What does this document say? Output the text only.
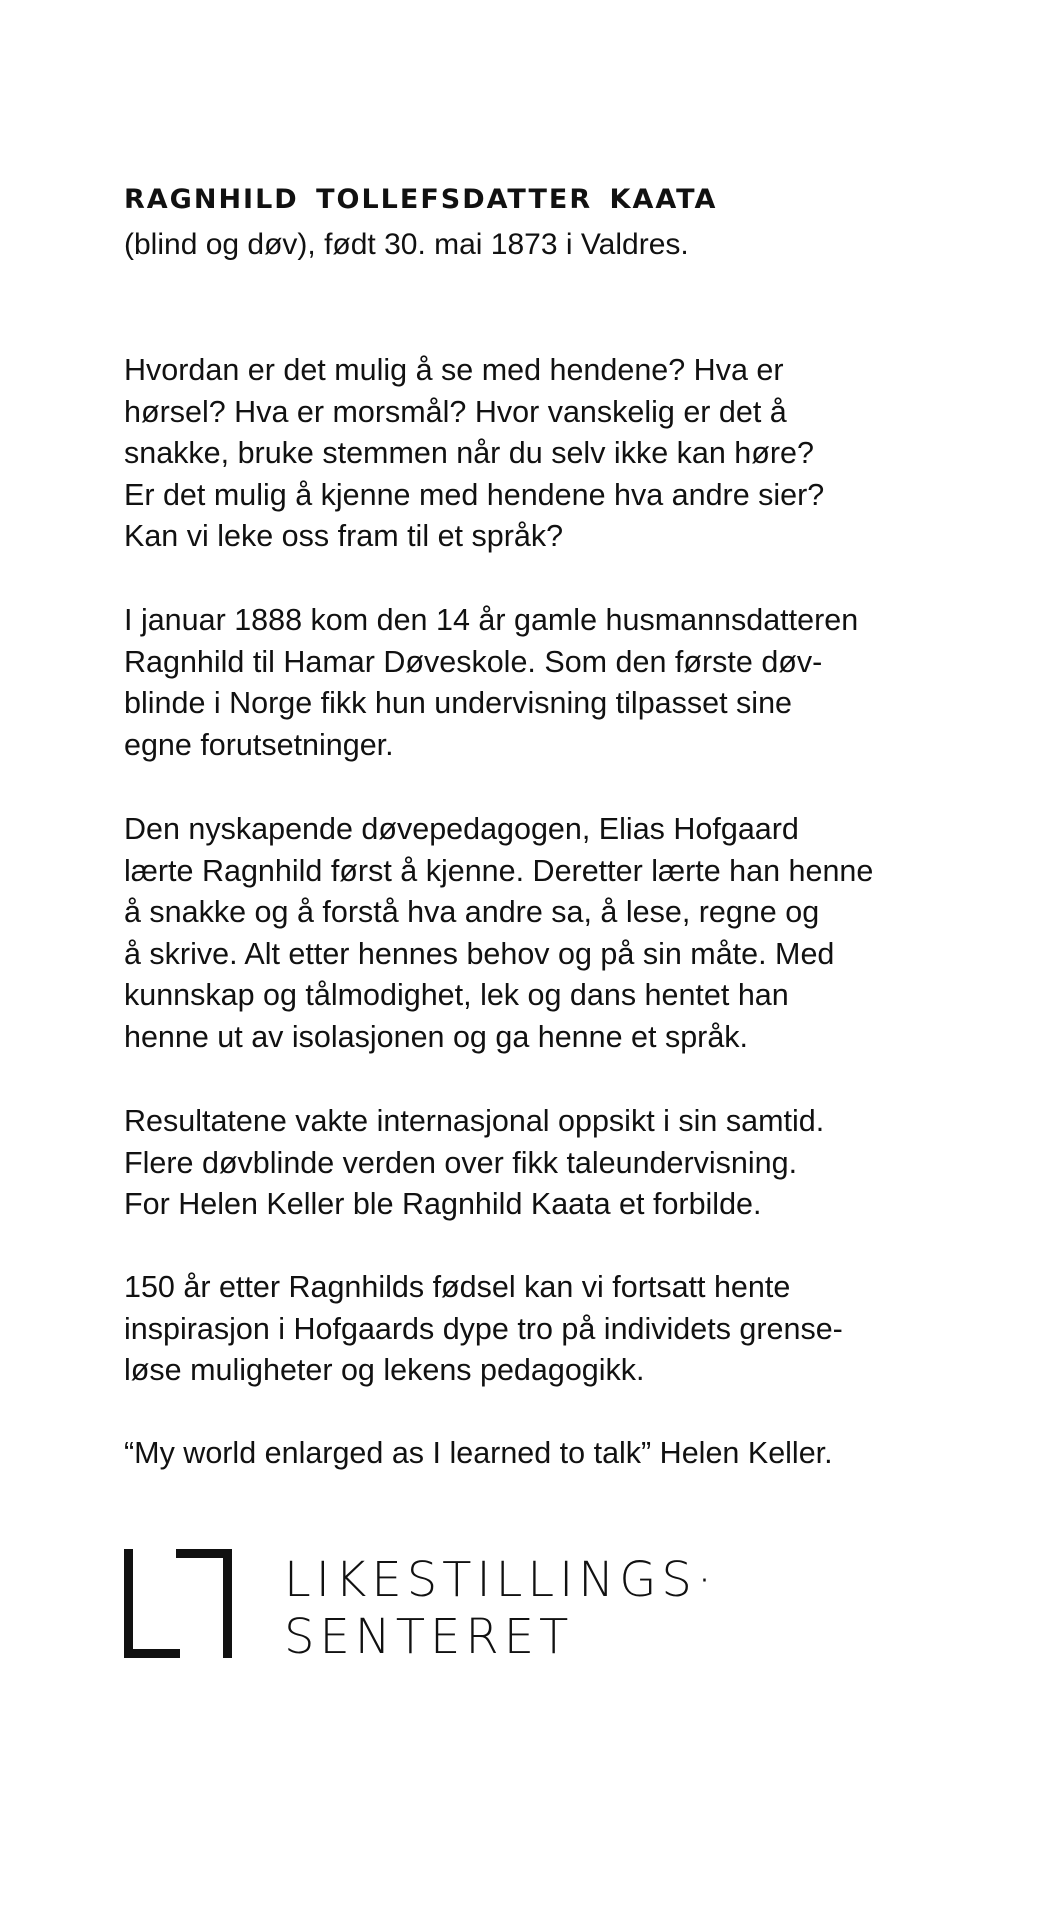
RAGNHILD TOLLEFSDATTER KAATA
(blind og døv), født 30. mai 1873 i Valdres.

Hvordan er det mulig å se med hendene? Hva er
hørsel? Hva er morsmål? Hvor vanskelig er det å
snakke, bruke stemmen når du selv ikke kan høre?
Er det mulig å kjenne med hendene hva andre sier?
Kan vi leke oss fram til et språk?

I januar 1888 kom den 14 år gamle husmannsdatteren
Ragnhild til Hamar Døveskole. Som den første døv-
blinde i Norge fikk hun undervisning tilpasset sine
egne forutsetninger.

Den nyskapende døvepedagogen, Elias Hofgaard
lærte Ragnhild først å kjenne. Deretter lærte han henne
å snakke og å forstå hva andre sa, å lese, regne og
å skrive. Alt etter hennes behov og på sin måte. Med
kunnskap og tålmodighet, lek og dans hentet han
henne ut av isolasjonen og ga henne et språk.

Resultatene vakte internasjonal oppsikt i sin samtid.
Flere døvblinde verden over fikk taleundervisning.
For Helen Keller ble Ragnhild Kaata et forbilde.

150 år etter Ragnhilds fødsel kan vi fortsatt hente
inspirasjon i Hofgaards dype tro på individets grense-
løse muligheter og lekens pedagogikk.

“My world enlarged as I learned to talk” Helen Keller.

LIKESTILLINGS·
SENTERET
